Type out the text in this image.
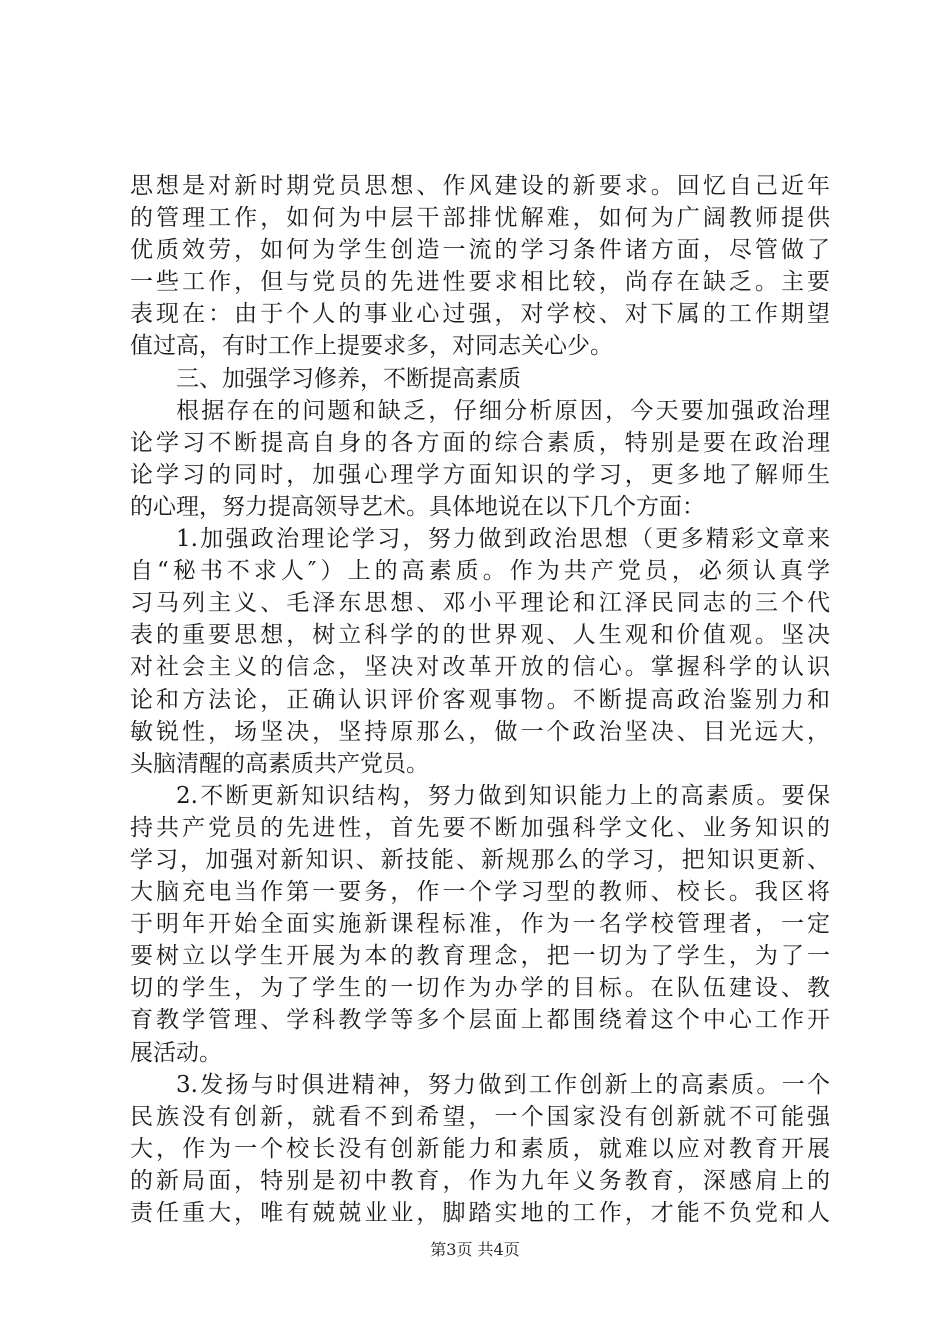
思想是对新时期党员思想、作风建设的新要求。回忆自己近年
的管理工作，如何为中层干部排忧解难，如何为广阔教师提供
优质效劳，如何为学生创造一流的学习条件诸方面，尽管做了
一些工作，但与党员的先进性要求相比较，尚存在缺乏。主要
表现在：由于个人的事业心过强，对学校、对下属的工作期望
值过高，有时工作上提要求多，对同志关心少。
三、加强学习修养，不断提高素质
根据存在的问题和缺乏，仔细分析原因，今天要加强政治理
论学习不断提高自身的各方面的综合素质，特别是要在政治理
论学习的同时，加强心理学方面知识的学习，更多地了解师生
的心理，努力提高领导艺术。具体地说在以下几个方面：
1.加强政治理论学习，努力做到政治思想（更多精彩文章来
自“秘书不求人″）上的高素质。作为共产党员，必须认真学
习马列主义、毛泽东思想、邓小平理论和江泽民同志的三个代
表的重要思想，树立科学的的世界观、人生观和价值观。坚决
对社会主义的信念，坚决对改革开放的信心。掌握科学的认识
论和方法论，正确认识评价客观事物。不断提高政治鉴别力和
敏锐性，场坚决，坚持原那么，做一个政治坚决、目光远大，
头脑清醒的高素质共产党员。
2.不断更新知识结构，努力做到知识能力上的高素质。要保
持共产党员的先进性，首先要不断加强科学文化、业务知识的
学习，加强对新知识、新技能、新规那么的学习，把知识更新、
大脑充电当作第一要务，作一个学习型的教师、校长。我区将
于明年开始全面实施新课程标准，作为一名学校管理者，一定
要树立以学生开展为本的教育理念，把一切为了学生，为了一
切的学生，为了学生的一切作为办学的目标。在队伍建设、教
育教学管理、学科教学等多个层面上都围绕着这个中心工作开
展活动。
3.发扬与时俱进精神，努力做到工作创新上的高素质。一个
民族没有创新，就看不到希望，一个国家没有创新就不可能强
大，作为一个校长没有创新能力和素质，就难以应对教育开展
的新局面，特别是初中教育，作为九年义务教育，深感肩上的
责任重大，唯有兢兢业业，脚踏实地的工作，才能不负党和人
第3页 共4页
